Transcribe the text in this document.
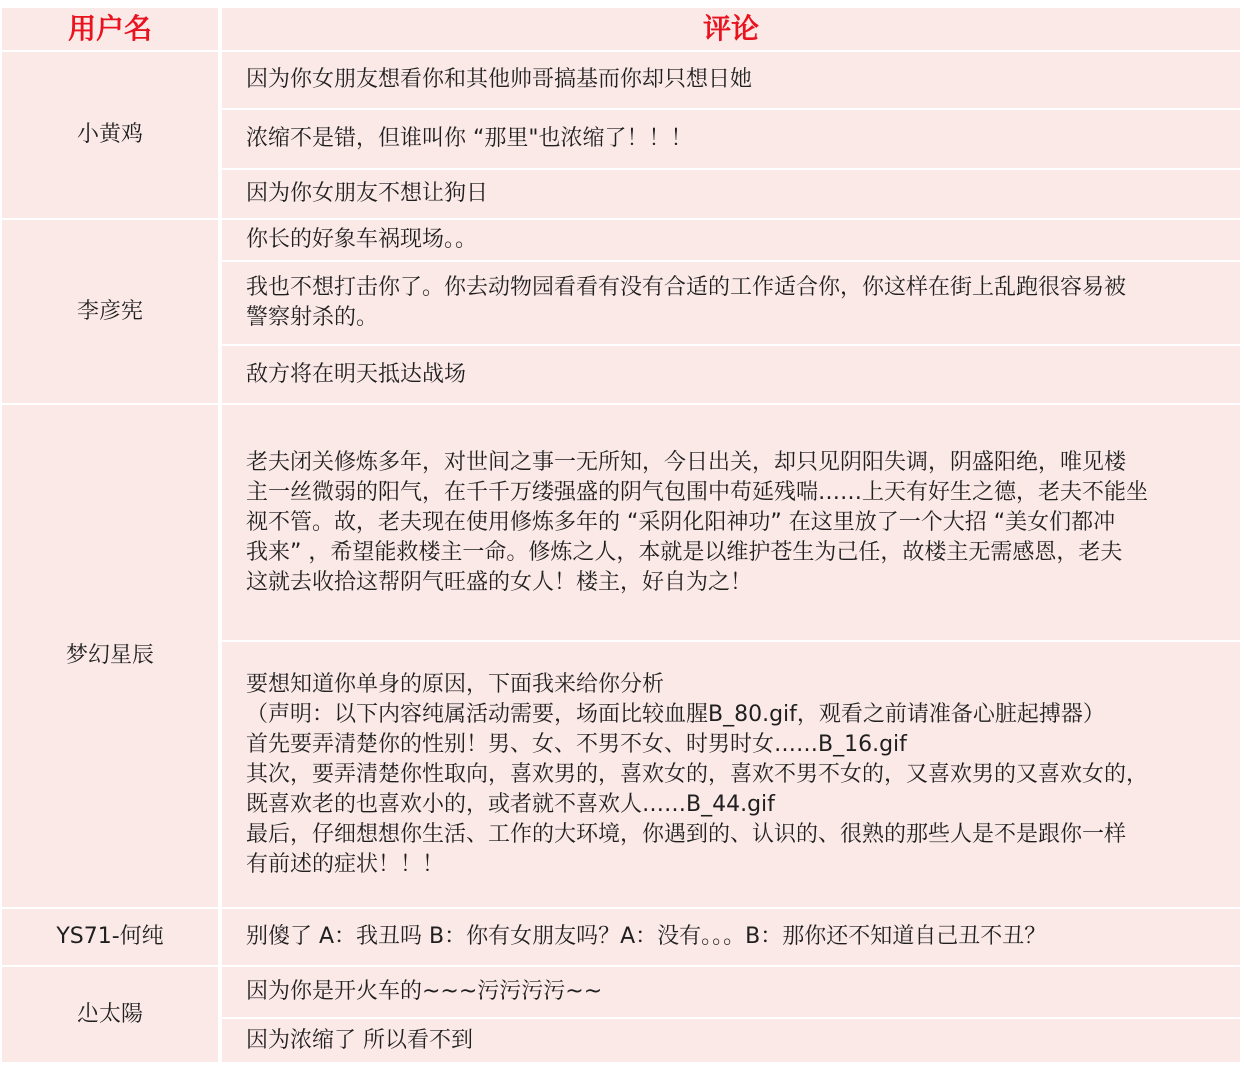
用户名	评论
小黄鸡
因为你女朋友想看你和其他帅哥搞基而你却只想日她
浓缩不是错，但谁叫你 “那里"也浓缩了！！！
因为你女朋友不想让狗日
李彦宪
你长的好象车祸现场。。
我也不想打击你了。你去动物园看看有没有合适的工作适合你，你这样在街上乱跑很容易被
警察射杀的。
敌方将在明天抵达战场
梦幻星辰
老夫闭关修炼多年，对世间之事一无所知，今日出关，却只见阴阳失调，阴盛阳绝，唯见楼
主一丝微弱的阳气，在千千万缕强盛的阴气包围中苟延残喘……上天有好生之德，老夫不能坐
视不管。故，老夫现在使用修炼多年的 “采阴化阳神功” 在这里放了一个大招 “美女们都冲
我来” ，希望能救楼主一命。修炼之人，本就是以维护苍生为己任，故楼主无需感恩，老夫
这就去收拾这帮阴气旺盛的女人！楼主，好自为之！
要想知道你单身的原因，下面我来给你分析
（声明：以下内容纯属活动需要，场面比较血腥B_80.gif，观看之前请准备心脏起搏器）
首先要弄清楚你的性别！男、女、不男不女、时男时女……B_16.gif
其次，要弄清楚你性取向，喜欢男的，喜欢女的，喜欢不男不女的，又喜欢男的又喜欢女的，
既喜欢老的也喜欢小的，或者就不喜欢人……B_44.gif
最后，仔细想想你生活、工作的大环境，你遇到的、认识的、很熟的那些人是不是跟你一样
有前述的症状！！！
YS71-何纯	别傻了 A：我丑吗 B：你有女朋友吗？A：没有。。。B：那你还不知道自己丑不丑？
尐太陽
因为你是开火车的~~~污污污污~~
因为浓缩了 所以看不到
